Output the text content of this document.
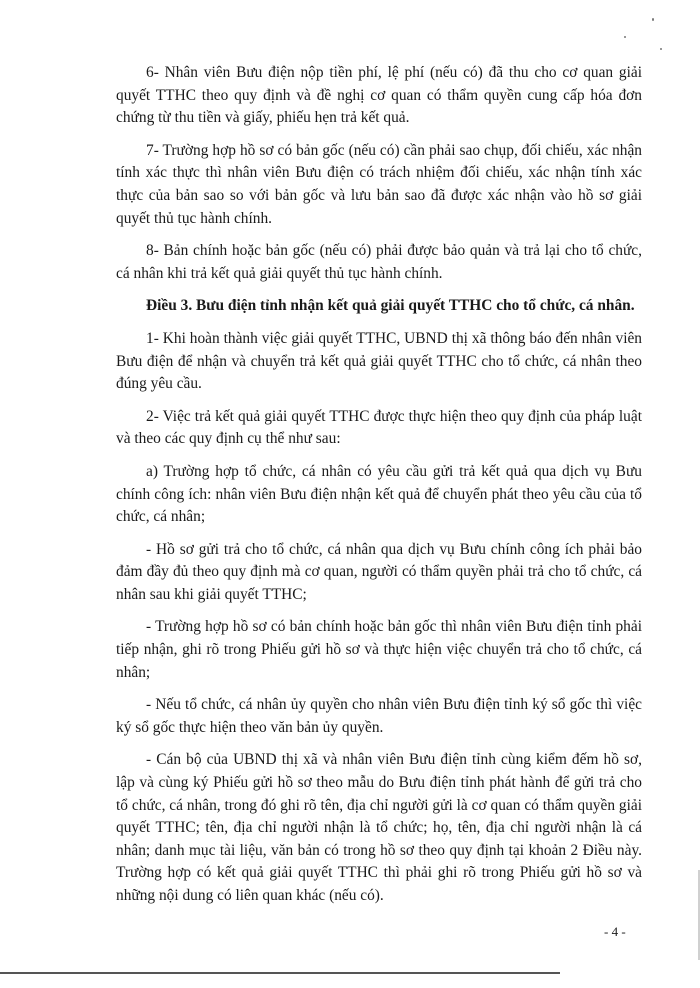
6- Nhân viên Bưu điện nộp tiền phí, lệ phí (nếu có) đã thu cho cơ quan giải quyết TTHC theo quy định và đề nghị cơ quan có thẩm quyền cung cấp hóa đơn chứng từ thu tiền và giấy, phiếu hẹn trả kết quả.

7- Trường hợp hồ sơ có bản gốc (nếu có) cần phải sao chụp, đối chiếu, xác nhận tính xác thực thì nhân viên Bưu điện có trách nhiệm đối chiếu, xác nhận tính xác thực của bản sao so với bản gốc và lưu bản sao đã được xác nhận vào hồ sơ giải quyết thủ tục hành chính.

8- Bản chính hoặc bản gốc (nếu có) phải được bảo quản và trả lại cho tổ chức, cá nhân khi trả kết quả giải quyết thủ tục hành chính.

Điều 3. Bưu điện tỉnh nhận kết quả giải quyết TTHC cho tổ chức, cá nhân.

1- Khi hoàn thành việc giải quyết TTHC, UBND thị xã thông báo đến nhân viên Bưu điện để nhận và chuyển trả kết quả giải quyết TTHC cho tổ chức, cá nhân theo đúng yêu cầu.

2- Việc trả kết quả giải quyết TTHC được thực hiện theo quy định của pháp luật và theo các quy định cụ thể như sau:

a) Trường hợp tổ chức, cá nhân có yêu cầu gửi trả kết quả qua dịch vụ Bưu chính công ích: nhân viên Bưu điện nhận kết quả để chuyển phát theo yêu cầu của tổ chức, cá nhân;

- Hồ sơ gửi trả cho tổ chức, cá nhân qua dịch vụ Bưu chính công ích phải bảo đảm đầy đủ theo quy định mà cơ quan, người có thẩm quyền phải trả cho tổ chức, cá nhân sau khi giải quyết TTHC;

- Trường hợp hồ sơ có bản chính hoặc bản gốc thì nhân viên Bưu điện tỉnh phải tiếp nhận, ghi rõ trong Phiếu gửi hồ sơ và thực hiện việc chuyển trả cho tổ chức, cá nhân;

- Nếu tổ chức, cá nhân ủy quyền cho nhân viên Bưu điện tỉnh ký sổ gốc thì việc ký sổ gốc thực hiện theo văn bản ủy quyền.

- Cán bộ của UBND thị xã và nhân viên Bưu điện tỉnh cùng kiểm đếm hồ sơ, lập và cùng ký Phiếu gửi hồ sơ theo mẫu do Bưu điện tỉnh phát hành để gửi trả cho tổ chức, cá nhân, trong đó ghi rõ tên, địa chỉ người gửi là cơ quan có thẩm quyền giải quyết TTHC; tên, địa chỉ người nhận là tổ chức; họ, tên, địa chỉ người nhận là cá nhân; danh mục tài liệu, văn bản có trong hồ sơ theo quy định tại khoản 2 Điều này. Trường hợp có kết quả giải quyết TTHC thì phải ghi rõ trong Phiếu gửi hồ sơ và những nội dung có liên quan khác (nếu có).

- 4 -
